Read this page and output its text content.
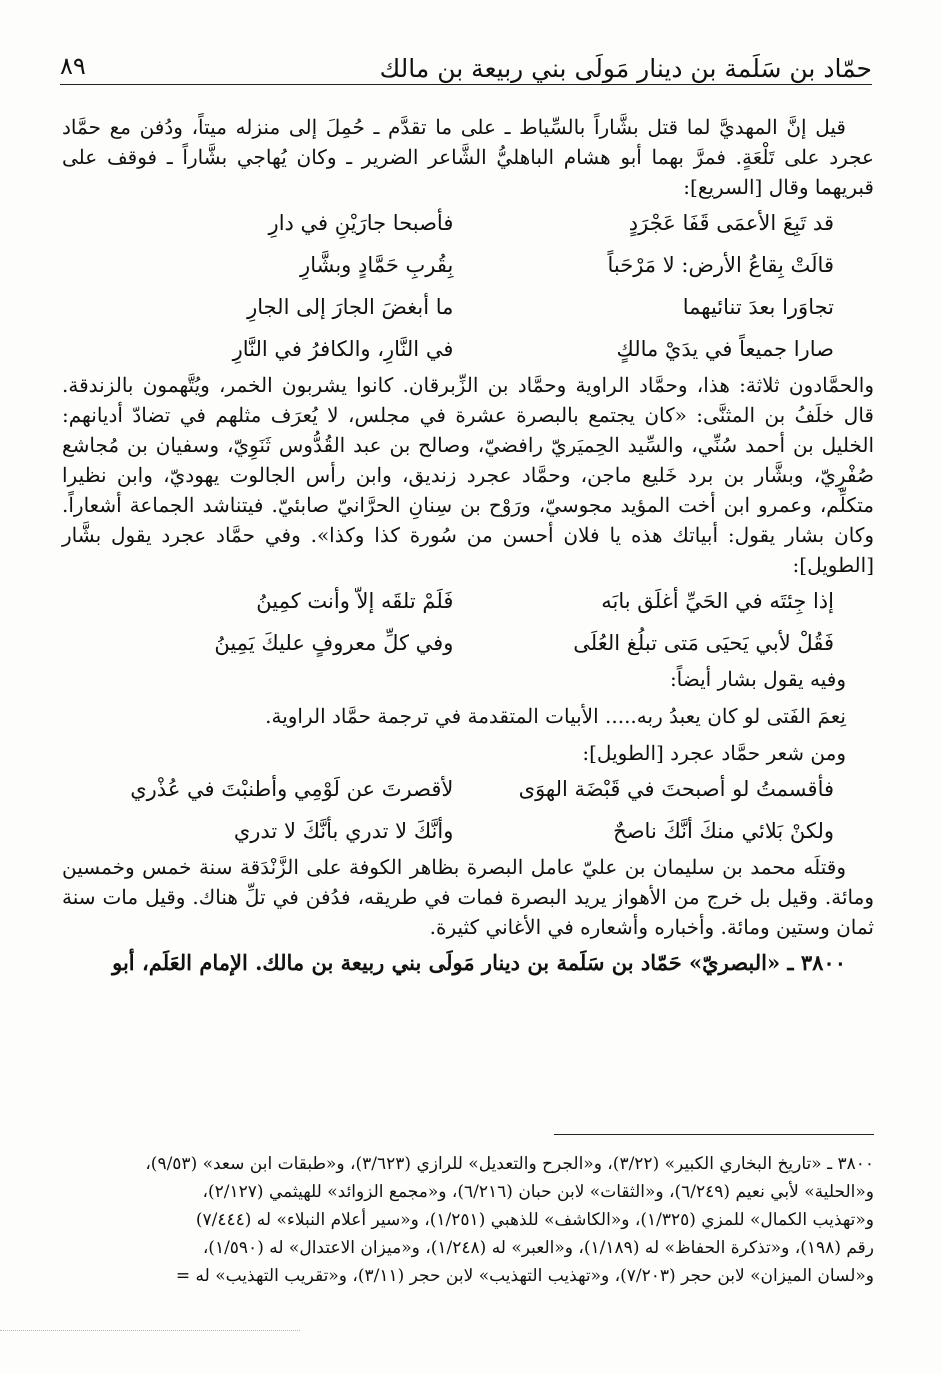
حمّاد بن سَلَمة بن دينار مَولَى بني ربيعة بن مالك
٨٩

قيل إنَّ المهديَّ لما قتل بشَّاراً بالسِّياط ـ على ما تقدَّم ـ حُمِلَ إلى منزله ميتاً، ودُفن مع حمَّاد عجرد على تَلْعَةٍ. فمرَّ بهما أبو هشام الباهليُّ الشَّاعر الضرير ـ وكان يُهاجي بشَّاراً ـ فوقف على قبريهما وقال [السريع]:

قد تَبِعَ الأعمَى قَفَا عَجْرَدٍ
فأصبحا جارَيْنِ في دارِ
قالَتْ بِقاعُ الأرض: لا مَرْحَباً
بِقُربِ حَمَّادٍ وبشَّارِ
تجاوَرا بعدَ تنائيهما
ما أبغضَ الجارَ إلى الجارِ
صارا جميعاً في يدَيْ مالكٍ
في النَّارِ، والكافرُ في النَّارِ

والحمَّادون ثلاثة: هذا، وحمَّاد الراوية وحمَّاد بن الزِّبرقان. كانوا يشربون الخمر، ويُتَّهمون بالزندقة. قال خلَفُ بن المثنَّى: «كان يجتمع بالبصرة عشرة في مجلس، لا يُعرَف مثلهم في تضادّ أديانهم: الخليل بن أحمد سُنِّي، والسِّيد الحِميَريّ رافضيّ، وصالح بن عبد القُدُّوس ثَنَوِيّ، وسفيان بن مُجاشع صُفْرِيّ، وبشَّار بن برد خَليع ماجن، وحمَّاد عجرد زنديق، وابن رأس الجالوت يهوديّ، وابن نظيرا متكلِّم، وعمرو ابن أخت المؤيد مجوسيّ، ورَوْح بن سِنانِ الحرَّانيّ صابئيّ. فيتناشد الجماعة أشعاراً. وكان بشار يقول: أبياتك هذه يا فلان أحسن من سُورة كذا وكذا». وفي حمَّاد عجرد يقول بشَّار [الطويل]:

إذا جِئتَه في الحَيِّ أغلَق بابَه
فَلَمْ تلقَه إلاّ وأنت كمِينُ
فَقُلْ لأبي يَحيَى مَتى تبلُغ العُلَى
وفي كلِّ معروفٍ عليكَ يَمِينُ

وفيه يقول بشار أيضاً:

نِعمَ الفَتى لو كان يعبدُ ربه..... الأبيات المتقدمة في ترجمة حمَّاد الراوية.

ومن شعر حمَّاد عجرد [الطويل]:

فأقسمتُ لو أصبحتَ في قَبْضَة الهوَى
لأقصرتَ عن لَوْمِي وأطنبْتَ في عُذْري
ولكنْ بَلائي منكَ أنَّكَ ناصحٌ
وأنَّكَ لا تدري بأنَّكَ لا تدري

وقتلَه محمد بن سليمان بن عليّ عامل البصرة بظاهر الكوفة على الزَّنْدَقة سنة خمس وخمسين ومائة. وقيل بل خرج من الأهواز يريد البصرة فمات في طريقه، فدُفن في تلِّ هناك. وقيل مات سنة ثمان وستين ومائة. وأخباره وأشعاره في الأغاني كثيرة.

٣٨٠٠ ـ «البصريّ» حَمّاد بن سَلَمة بن دينار مَولَى بني ربيعة بن مالك. الإمام العَلَم، أبو

٣٨٠٠ ـ «تاريخ البخاري الكبير» (٣/٢٢)، و«الجرح والتعديل» للرازي (٣/٦٢٣)، و«طبقات ابن سعد» (٩/٥٣)،
و«الحلية» لأبي نعيم (٦/٢٤٩)، و«الثقات» لابن حبان (٦/٢١٦)، و«مجمع الزوائد» للهيثمي (٢/١٢٧)،
و«تهذيب الكمال» للمزي (١/٣٢٥)، و«الكاشف» للذهبي (١/٢٥١)، و«سير أعلام النبلاء» له (٧/٤٤٤)
رقم (١٩٨)، و«تذكرة الحفاظ» له (١/١٨٩)، و«العبر» له (١/٢٤٨)، و«ميزان الاعتدال» له (١/٥٩٠)،
و«لسان الميزان» لابن حجر (٧/٢٠٣)، و«تهذيب التهذيب» لابن حجر (٣/١١)، و«تقريب التهذيب» له =
